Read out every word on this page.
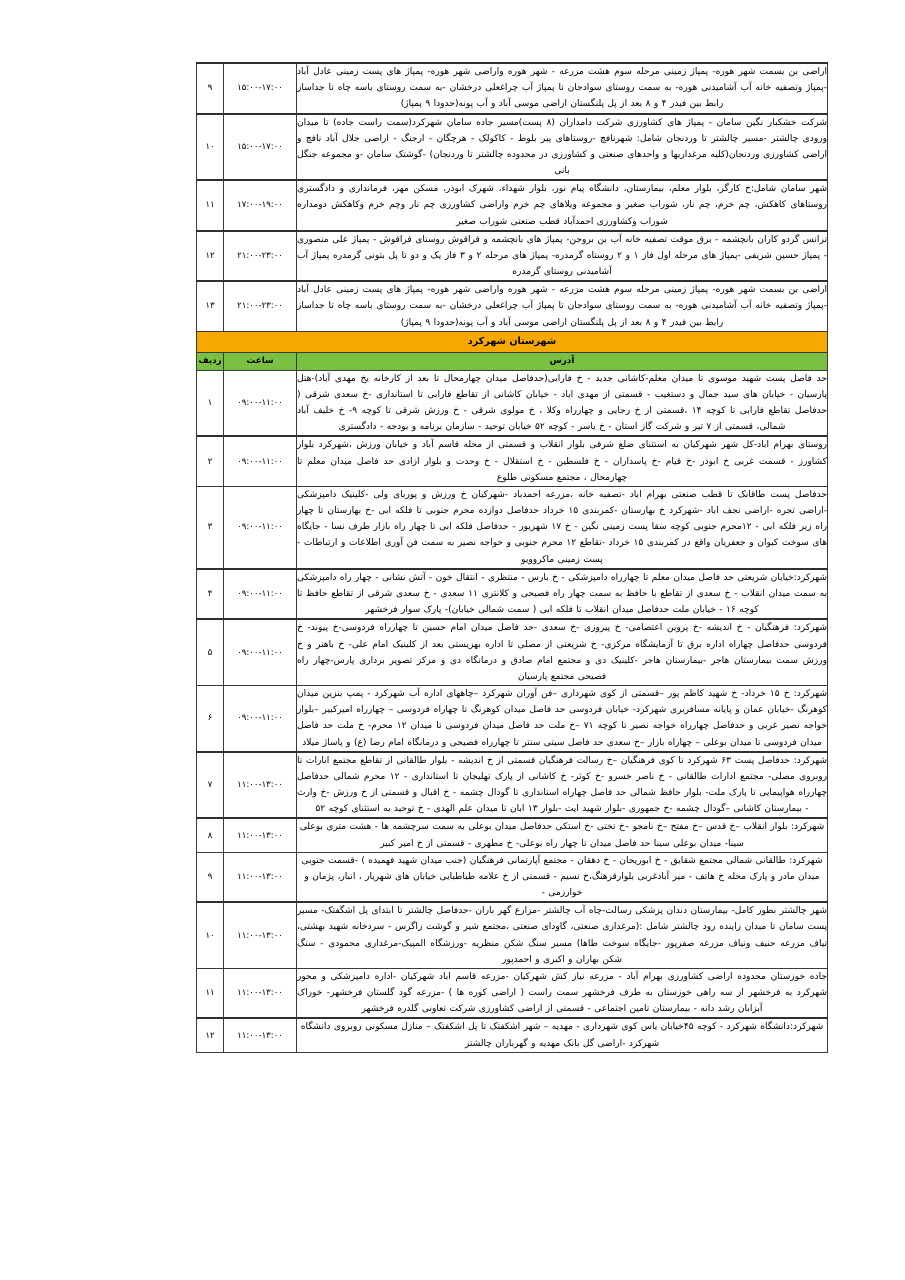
اراضی بن بسمت شهر هوره- پمپاژ زمینی مرحله سوم هشت مزرعه - شهر هوره واراضی شهر هوره- پمپاژ های پست زمینی عادل آباد -پمپاژ وتصفیه خانه آب آشامیدنی هوره- به سمت روستای سوادجان تا پمپاژ آب چراغعلی درخشان -به سمت روستای باسه چاه تا جداساز رابط بین فیدر ۴ و ۸ بعد از پل پلنگستان اراضی موسی آباد و آب پونه(حدودا ۹ پمپاژ)	۱۵:۰۰-۱۷:۰۰	۹
شرکت خشکبار نگین سامان - پمپاژ های کشاورزی شرکت دامداران (۸ پست)مسیر جاده سامان شهرکرد(سمت راست جاده) تا میدان ورودی چالشتر -مسیر چالشتر تا وردنجان شامل: شهرنافچ -روستاهای پیر بلوط - کاکولک - هرچگان - ارجنگ - اراضی جلال آباد نافچ و اراضی کشاورزی وردنجان(کلیه مرغداریها و واحدهای صنعتی و کشاورزی در محدوده چالشتر تا وردنجان) -گوشتک سامان -و مجموعه جنگل بانی	۱۵:۰۰-۱۷:۰۰	۱۰
شهر سامان شامل:خ کارگر، بلوار معلم، بیمارستان، دانشگاه پیام نور، بلوار شهداء، شهرک ابوذر، مسکن مهر، فرمانداری و دادگستری روستاهای کاهکش، چم خرم، چم نار، شوراب صغیر و مجموعه ویلاهای چم خرم واراضی کشاورزی چم نار وچم خرم وکاهکش دومداره شوراب وکشاورزی احمدآباد قطب صنعتی شوراب صغیر	۱۷:۰۰-۱۹:۰۰	۱۱
ترانس گردو کاران بانچشمه - برق موقت تصفیه خانه آب بن بروجن- پمپاژ های بانچشمه و قراقوش روستای قراقوش - پمپاژ علی منصوری - پمپاژ حسین شریفی -پمپاژ های مرحله اول فاز ۱ و ۲ روستاه گرمدره- پمپاژ های مرحله ۲ و ۳ فاز یک و دو تا پل بتونی گرمدره پمپاژ آب آشامیدنی روستای گرمدره	۲۱:۰۰-۲۳:۰۰	۱۲
اراضی بن بسمت شهر هوره- پمپاژ زمینی مرحله سوم هشت مزرعه - شهر هوره واراضی شهر هوره- پمپاژ های پست زمینی عادل آباد -پمپاژ وتصفیه خانه آب آشامیدنی هوره- به سمت روستای سوادجان تا پمپاژ آب چراغعلی درخشان -به سمت روستای باسه چاه تا جداساز رابط بین فیدر ۴ و ۸ بعد از پل پلنگستان اراضی موسی آباد و آب پونه(حدودا ۹ پمپاژ)	۲۱:۰۰-۲۳:۰۰	۱۳
شهرستان شهرکرد		
آدرس	ساعت	ردیف
حد فاصل پست شهید موسوی تا میدان معلم-کاشانی جدید - خ فارابی(حدفاصل میدان چهارمحال تا بعد از کارخانه یخ مهدی آباد)-هتل پارسیان - خیابان های سید جمال و دستغیب - قسمتی از مهدی اباد - خیابان کاشانی از تقاطع فارابی تا استانداری -خ سعدی شرقی ( حدفاصل تقاطع فارابی تا کوچه ۱۴ ،قسمتی از خ رجایی و چهارراه وکلا ، خ مولوی شرقی - خ ورزش شرقی تا کوچه ۹- خ خلیف آباد شمالی، قسمتی از ۷ تیر و شرکت گاز استان - خ یاسر - کوچه ۵۲ خیابان توحید - سازمان برنامه و بودجه - دادگستری	۰۹:۰۰-۱۱:۰۰	۱
روستای بهرام اباد-کل شهر شهرکیان به استثنای ضلع شرقی بلوار انقلاب و قسمتی از محله قاسم آباد و خیابان ورزش ،شهرکرد بلوار کشاورز - قسمت غربی خ ابوذر -خ قیام -خ پاسداران - خ فلسطین - خ استقلال - خ وحدت و بلوار ازادی حد فاصل میدان معلم تا چهارمحال ، مجتمع مسکونی طلوع	۰۹:۰۰-۱۱:۰۰	۲
حدفاصل پست طاقانک تا قطب صنعتی بهرام اباد -تصفیه خانه ،مزرعه احمدباد -شهرکیان خ ورزش و پوربای ولی -کلینیک دامپزشکی -اراضی تجره -اراضی نجف اباد -شهرکرد خ بهارستان -کمربندی ۱۵ خرداد حدفاصل دوازده محرم جنوبی تا فلکه ابی -خ بهارستان تا چهار راه زیر فلکه ابی - ۱۲محرم جنوبی کوچه سقا پست زمینی نگین - خ ۱۷ شهریور - حدفاصل فلکه ابی تا چهار راه بازار طرف نسا - جایگاه های سوخت کیوان و جعفریان واقع در کمربندی ۱۵ خرداد -تقاطع ۱۲ محرم جنوبی و خواجه نصیر به سمت فن آوری اطلاعات و ارتباطات - پست زمینی ماکروویو	۰۹:۰۰-۱۱:۰۰	۳
شهرکرد:خیابان شریعتی حد فاصل میدان معلم تا چهارراه دامپزشکی - خ بارس - منتظری - انتقال خون - آتش نشانی - چهار راه دامپزشکی به سمت میدان انقلاب - خ سعدی از تقاطع با حافظ به سمت چهار راه فصیحی و کلانتری ۱۱ سعدی - خ سعدی شرقی از تقاطع حافظ تا کوچه ۱۶ - خیابان ملت حدفاصل میدان انقلاب تا فلکه ابی ( سمت شمالی خیابان)- پارک سوار فرخشهر	۰۹:۰۰-۱۱:۰۰	۴
شهرکرد: فرهنگیان - خ اندیشه -خ پروین اعتصامی- خ پیروزی -خ سعدی -حد فاصل میدان امام حسین تا چهارراه فردوسی-خ پیوند- خ فردوسی حدفاصل چهاراه اداره برق تا آزمایشگاه مرکزی- خ شریعتی از مصلی تا اداره بهزیستی بعد از کلینیک امام علی- خ باهنر و خ ورزش سمت بیمارستان هاجر -بیمارستان هاجر -کلینیک دی و مجتمع امام صادق و درمانگاه دی و مرکز تصویر برداری پارس-چهار راه فصیحی مجتمع پارسیان	۰۹:۰۰-۱۱:۰۰	۵
شهرکرد: خ ۱۵ خرداد- خ شهید کاظم پور –قسمتی از کوی شهرداری –فن آوران شهرکرد –چاههای اداره آب شهرکرد - پمپ بنزین میدان کوهرنگ -خیابان عمان و پایانه مسافربری شهرکرد- خیابان فردوسی حد فاصل میدان کوهرنگ تا چهاراه فردوسی – چهارراه امیرکبیر –بلوار خواجه نصیر غربی و حدفاصل چهارراه خواجه نصیر تا کوچه ۷۱ –خ ملت حد فاصل میدان فردوسی تا میدان ۱۲ محرم- خ ملت حد فاصل میدان فردوسی تا میدان بوعلی – چهاراه بازار –خ سعدی حد فاصل سیتی سنتر تا چهارراه فصیحی و درمانگاه امام رضا (ع) و پاساژ میلاد	۰۹:۰۰-۱۱:۰۰	۶
شهرکرد: حدفاصل پست ۶۳ شهرکرد تا کوی فرهنگیان –خ رسالت فرهنگیان قسمتی از خ اندیشه - بلوار طالقانی از تقاطع مجتمع انارات تا روبروی مصلی- مجتمع ادارات طالقانی - خ ناصر خسرو -خ کوثر- خ کاشانی از پارک تهلیجان تا استانداری - ۱۲ محرم شمالی حدفاصل چهارراه هواپیمایی تا پارک ملت- بلوار حافظ شمالی حد فاصل چهاراه استانداری تا گودال چشمه - خ اقبال و قسمتی از خ ورزش -خ وارث - بیمارستان کاشانی –گودال چشمه -خ جمهوری -بلوار شهید ایت -بلوار ۱۳ ابان تا میدان علم الهدی - خ توحید به استثنای کوچه ۵۲	۱۱:۰۰-۱۳:۰۰	۷
شهرکرد: بلوار انقلاب –خ قدس –خ مفتح –خ نامجو –خ تختی -خ استکی حدفاصل میدان بوعلی به سمت سرچشمه ها - هشت متری بوعلی سینا- میدان بوعلی سینا حد فاصل میدان تا چهار راه بوعلی- خ مطهری - قسمتی از خ امیر کبیر	۱۱:۰۰-۱۳:۰۰	۸
شهرکرد: طالقانی شمالی مجتمع شقایق - خ ابوریحان - خ دهقان - مجتمع آپارتمانی فرهنگیان (جنب میدان شهید فهمیده ) -قسمت جنوبی میدان مادر و پارک محله خ هاتف - میر آبادغربی بلوارقرهنگ،خ نسیم - قسمتی از خ علامه طباطبایی خیابان های شهریار ، انبار، پژمان و خوارزمی -	۱۱:۰۰-۱۳:۰۰	۹
شهر چالشتر بطور کامل- بیمارستان دندان پزشکی رسالت-چاه آب چالشتر -مزارع گهر باران -حدفاصل چالشتر تا ابتدای پل اشگفتک- مسیر پست سامان تا میدان زاینده رود چالشتر شامل :(مرغداری صنعتی، گاودای صنعتی ،مجتمع شیر و گوشت زاگرس - سردخانه شهید بهشتی، تیاف مزرعه حنیف ونیاف مزرعه صفرپور -جایگاه سوخت طاها) مسیر سنگ شکن منظریه -ورزشگاه المپیک-مرغداری محمودی - سنگ شکن بهاران و اکبری و احمدپور	۱۱:۰۰-۱۳:۰۰	۱۰
جاده خوزستان محدوده اراضی کشاورزی بهرام آباد - مزرعه نیاز کش شهرکیان -مزرعه قاسم اباد شهرکیان -اداره دامپزشکی و محور شهرکرد به فرخشهر از سه راهی خوزستان به طرف فرخشهر سمت راست ( اراضی کوره ها ) -مزرعه گود گلستان فرخشهر- خوراک آبزابان رشد دانه - بیمارستان تامین اجتماعی - قسمتی از اراضی کشاورزی شرکت تعاونی گلدره فرخشهر	۱۱:۰۰-۱۳:۰۰	۱۱
شهرکرد:دانشگاه شهرکرد - کوچه ۴۵خیابان یاس کوی شهرداری - مهدیه – شهر اشکفتک تا پل اشکفتک – منازل مسکونی روبروی دانشگاه شهرکرد -اراضی گل بانک مهدیه و گهرباران چالشتر	۱۱:۰۰-۱۳:۰۰	۱۲
